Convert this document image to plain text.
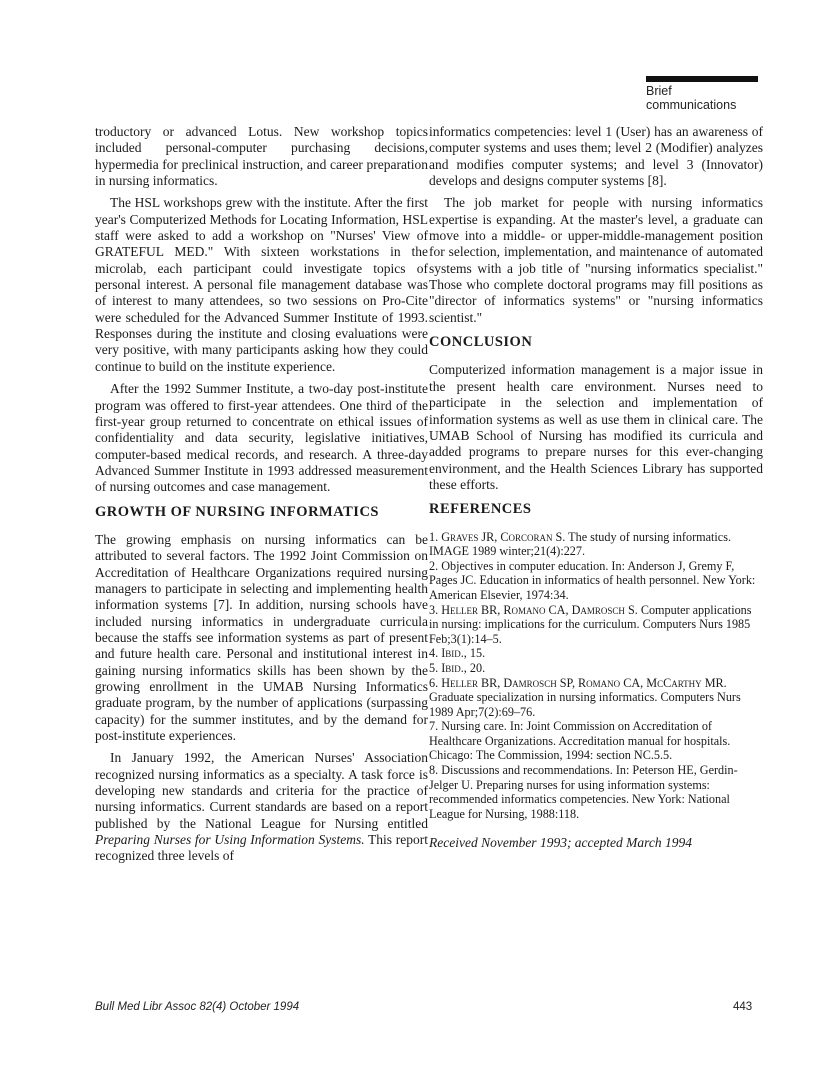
Brief communications

troductory or advanced Lotus. New workshop topics included personal-computer purchasing decisions, hypermedia for preclinical instruction, and career preparation in nursing informatics.

The HSL workshops grew with the institute. After the first year's Computerized Methods for Locating Information, HSL staff were asked to add a workshop on "Nurses' View of GRATEFUL MED." With sixteen workstations in the microlab, each participant could investigate topics of personal interest. A personal file management database was of interest to many attendees, so two sessions on Pro-Cite were scheduled for the Advanced Summer Institute of 1993. Responses during the institute and closing evaluations were very positive, with many participants asking how they could continue to build on the institute experience.

After the 1992 Summer Institute, a two-day post-institute program was offered to first-year attendees. One third of the first-year group returned to concentrate on ethical issues of confidentiality and data security, legislative initiatives, computer-based medical records, and research. A three-day Advanced Summer Institute in 1993 addressed measurement of nursing outcomes and case management.

GROWTH OF NURSING INFORMATICS

The growing emphasis on nursing informatics can be attributed to several factors. The 1992 Joint Commission on Accreditation of Healthcare Organizations required nursing managers to participate in selecting and implementing health information systems [7]. In addition, nursing schools have included nursing informatics in undergraduate curricula because the staffs see information systems as part of present and future health care. Personal and institutional interest in gaining nursing informatics skills has been shown by the growing enrollment in the UMAB Nursing Informatics graduate program, by the number of applications (surpassing capacity) for the summer institutes, and by the demand for post-institute experiences.

In January 1992, the American Nurses' Association recognized nursing informatics as a specialty. A task force is developing new standards and criteria for the practice of nursing informatics. Current standards are based on a report published by the National League for Nursing entitled Preparing Nurses for Using Information Systems. This report recognized three levels of

informatics competencies: level 1 (User) has an awareness of computer systems and uses them; level 2 (Modifier) analyzes and modifies computer systems; and level 3 (Innovator) develops and designs computer systems [8].

The job market for people with nursing informatics expertise is expanding. At the master's level, a graduate can move into a middle- or upper-middle-management position for selection, implementation, and maintenance of automated systems with a job title of "nursing informatics specialist." Those who complete doctoral programs may fill positions as "director of informatics systems" or "nursing informatics scientist."

CONCLUSION

Computerized information management is a major issue in the present health care environment. Nurses need to participate in the selection and implementation of information systems as well as use them in clinical care. The UMAB School of Nursing has modified its curricula and added programs to prepare nurses for this ever-changing environment, and the Health Sciences Library has supported these efforts.

REFERENCES
1. Graves JR, Corcoran S. The study of nursing informatics. IMAGE 1989 winter;21(4):227.
2. Objectives in computer education. In: Anderson J, Gremy F, Pages JC. Education in informatics of health personnel. New York: American Elsevier, 1974:34.
3. Heller BR, Romano CA, Damrosch S. Computer applications in nursing: implications for the curriculum. Computers Nurs 1985 Feb;3(1):14–5.
4. Ibid., 15.
5. Ibid., 20.
6. Heller BR, Damrosch SP, Romano CA, McCarthy MR. Graduate specialization in nursing informatics. Computers Nurs 1989 Apr;7(2):69–76.
7. Nursing care. In: Joint Commission on Accreditation of Healthcare Organizations. Accreditation manual for hospitals. Chicago: The Commission, 1994: section NC.5.5.
8. Discussions and recommendations. In: Peterson HE, Gerdin-Jelger U. Preparing nurses for using information systems: recommended informatics competencies. New York: National League for Nursing, 1988:118.
Received November 1993; accepted March 1994
Bull Med Libr Assoc 82(4) October 1994	443
